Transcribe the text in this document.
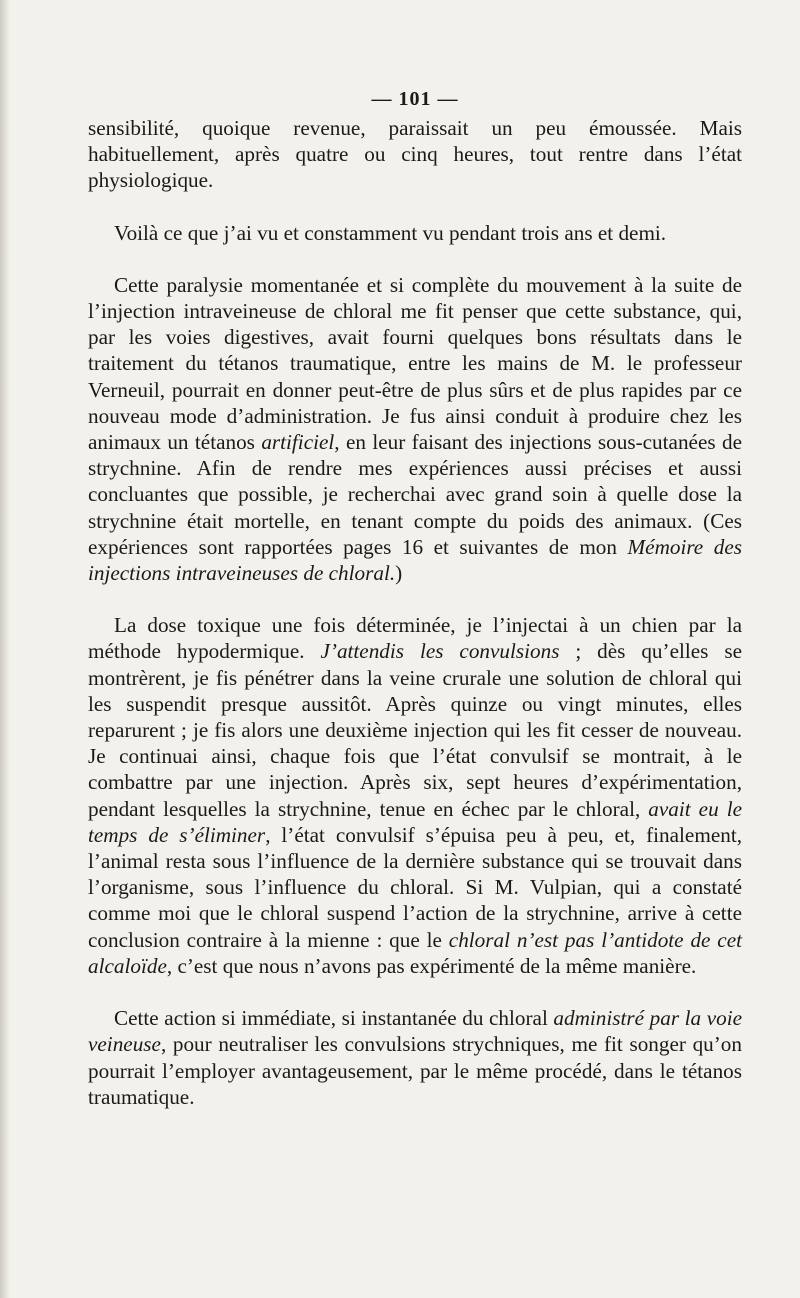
— 101 —

sensibilité, quoique revenue, paraissait un peu émoussée. Mais habituellement, après quatre ou cinq heures, tout rentre dans l’état physiologique.

Voilà ce que j’ai vu et constamment vu pendant trois ans et demi.

Cette paralysie momentanée et si complète du mouvement à la suite de l’injection intraveineuse de chloral me fit penser que cette substance, qui, par les voies digestives, avait fourni quelques bons résultats dans le traitement du tétanos traumatique, entre les mains de M. le professeur Verneuil, pourrait en donner peut-être de plus sûrs et de plus rapides par ce nouveau mode d’administration. Je fus ainsi conduit à produire chez les animaux un tétanos artificiel, en leur faisant des injections sous-cutanées de strychnine. Afin de rendre mes expériences aussi précises et aussi concluantes que possible, je recherchai avec grand soin à quelle dose la strychnine était mortelle, en tenant compte du poids des animaux. (Ces expériences sont rapportées pages 16 et suivantes de mon Mémoire des injections intraveineuses de chloral.)

La dose toxique une fois déterminée, je l’injectai à un chien par la méthode hypodermique. J’attendis les convulsions ; dès qu’elles se montrèrent, je fis pénétrer dans la veine crurale une solution de chloral qui les suspendit presque aussitôt. Après quinze ou vingt minutes, elles reparurent ; je fis alors une deuxième injection qui les fit cesser de nouveau. Je continuai ainsi, chaque fois que l’état convulsif se montrait, à le combattre par une injection. Après six, sept heures d’expérimentation, pendant lesquelles la strychnine, tenue en échec par le chloral, avait eu le temps de s’éliminer, l’état convulsif s’épuisa peu à peu, et, finalement, l’animal resta sous l’influence de la dernière substance qui se trouvait dans l’organisme, sous l’influence du chloral. Si M. Vulpian, qui a constaté comme moi que le chloral suspend l’action de la strychnine, arrive à cette conclusion contraire à la mienne : que le chloral n’est pas l’antidote de cet alcaloïde, c’est que nous n’avons pas expérimenté de la même manière.

Cette action si immédiate, si instantanée du chloral administré par la voie veineuse, pour neutraliser les convulsions strychniques, me fit songer qu’on pourrait l’employer avantageusement, par le même procédé, dans le tétanos traumatique.
